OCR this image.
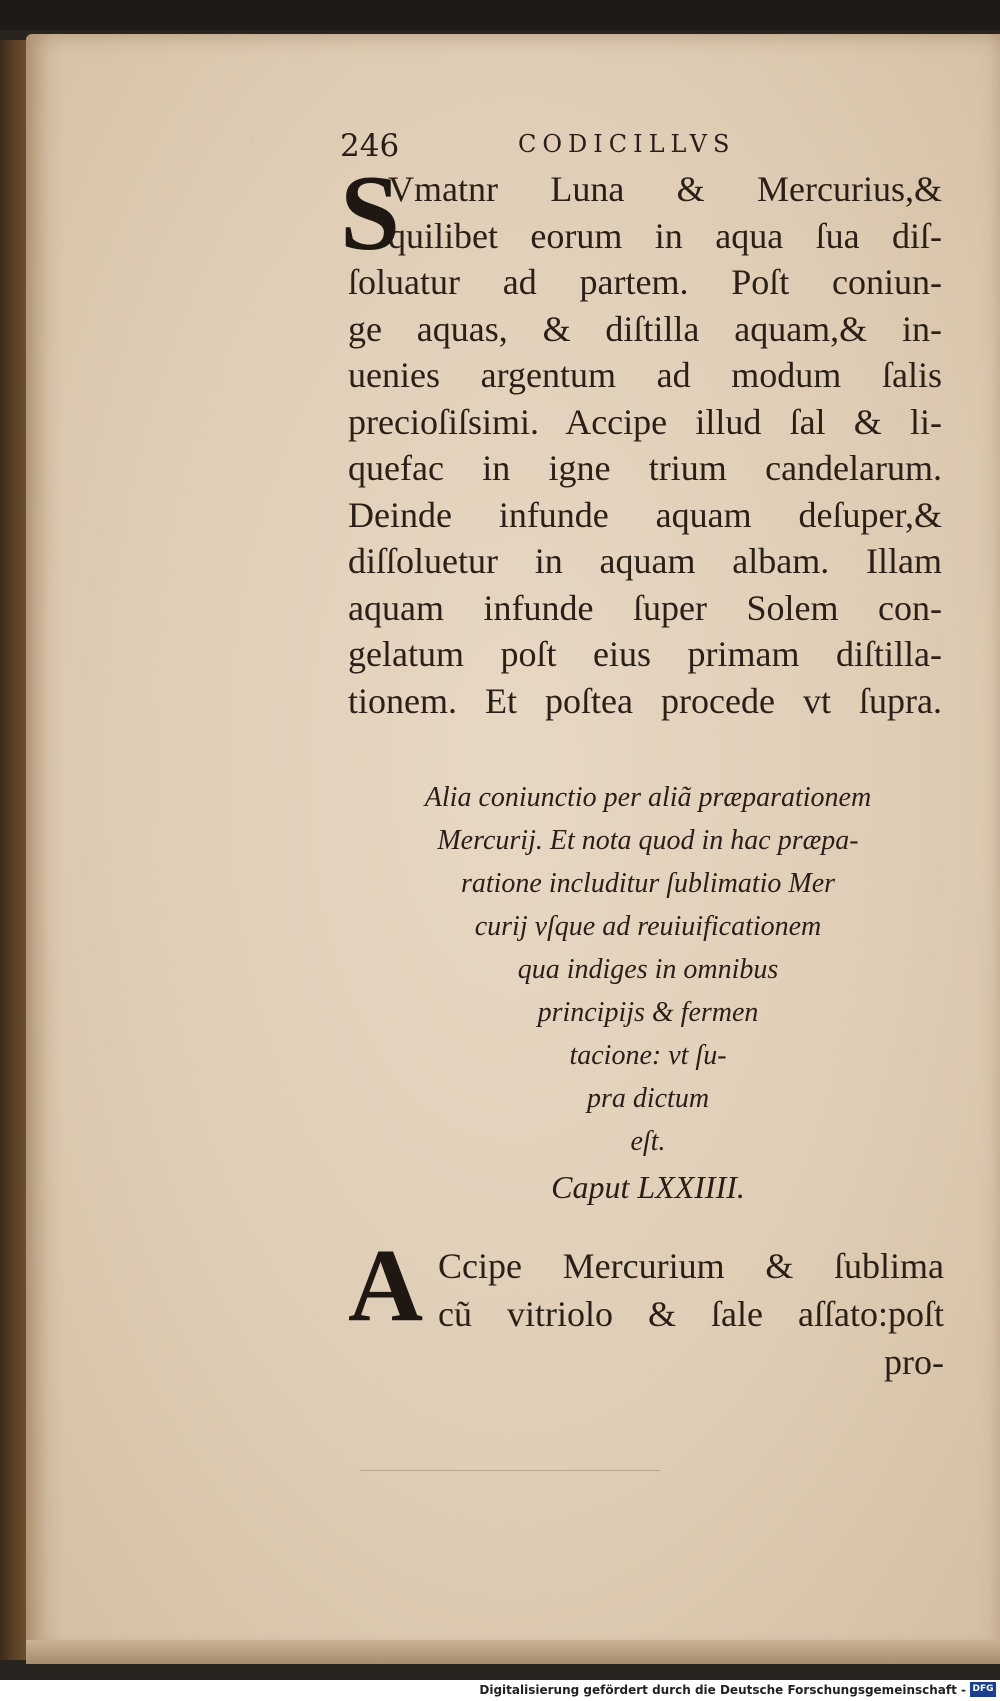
246	CODICILLVS
S
Vmatnr Luna & Mercurius,&
quilibet eorum in aqua ſua diſ-
ſoluatur ad partem. Poſt coniun-
ge aquas, & diſtilla aquam,& in-
uenies argentum ad modum ſalis
precioſiſsimi. Accipe illud ſal & li-
quefac in igne trium candelarum.
Deinde infunde aquam deſuper,&
diſſoluetur in aquam albam. Illam
aquam infunde ſuper Solem con-
gelatum poſt eius primam diſtilla-
tionem. Et poſtea procede vt ſupra.
Alia coniunctio per aliã præparationem
Mercurij. Et nota quod in hac præpa-
ratione includitur ſublimatio Mer
curij vſque ad reuiuificationem
qua indiges in omnibus
principijs & fermen
tacione: vt ſu-
pra dictum
eſt.
Caput LXXIIII.
A Ccipe Mercurium & ſublima
cũ vitriolo & ſale aſſato:poſt
pro-
Digitalisierung gefördert durch die Deutsche Forschungsgemeinschaft - DFG
